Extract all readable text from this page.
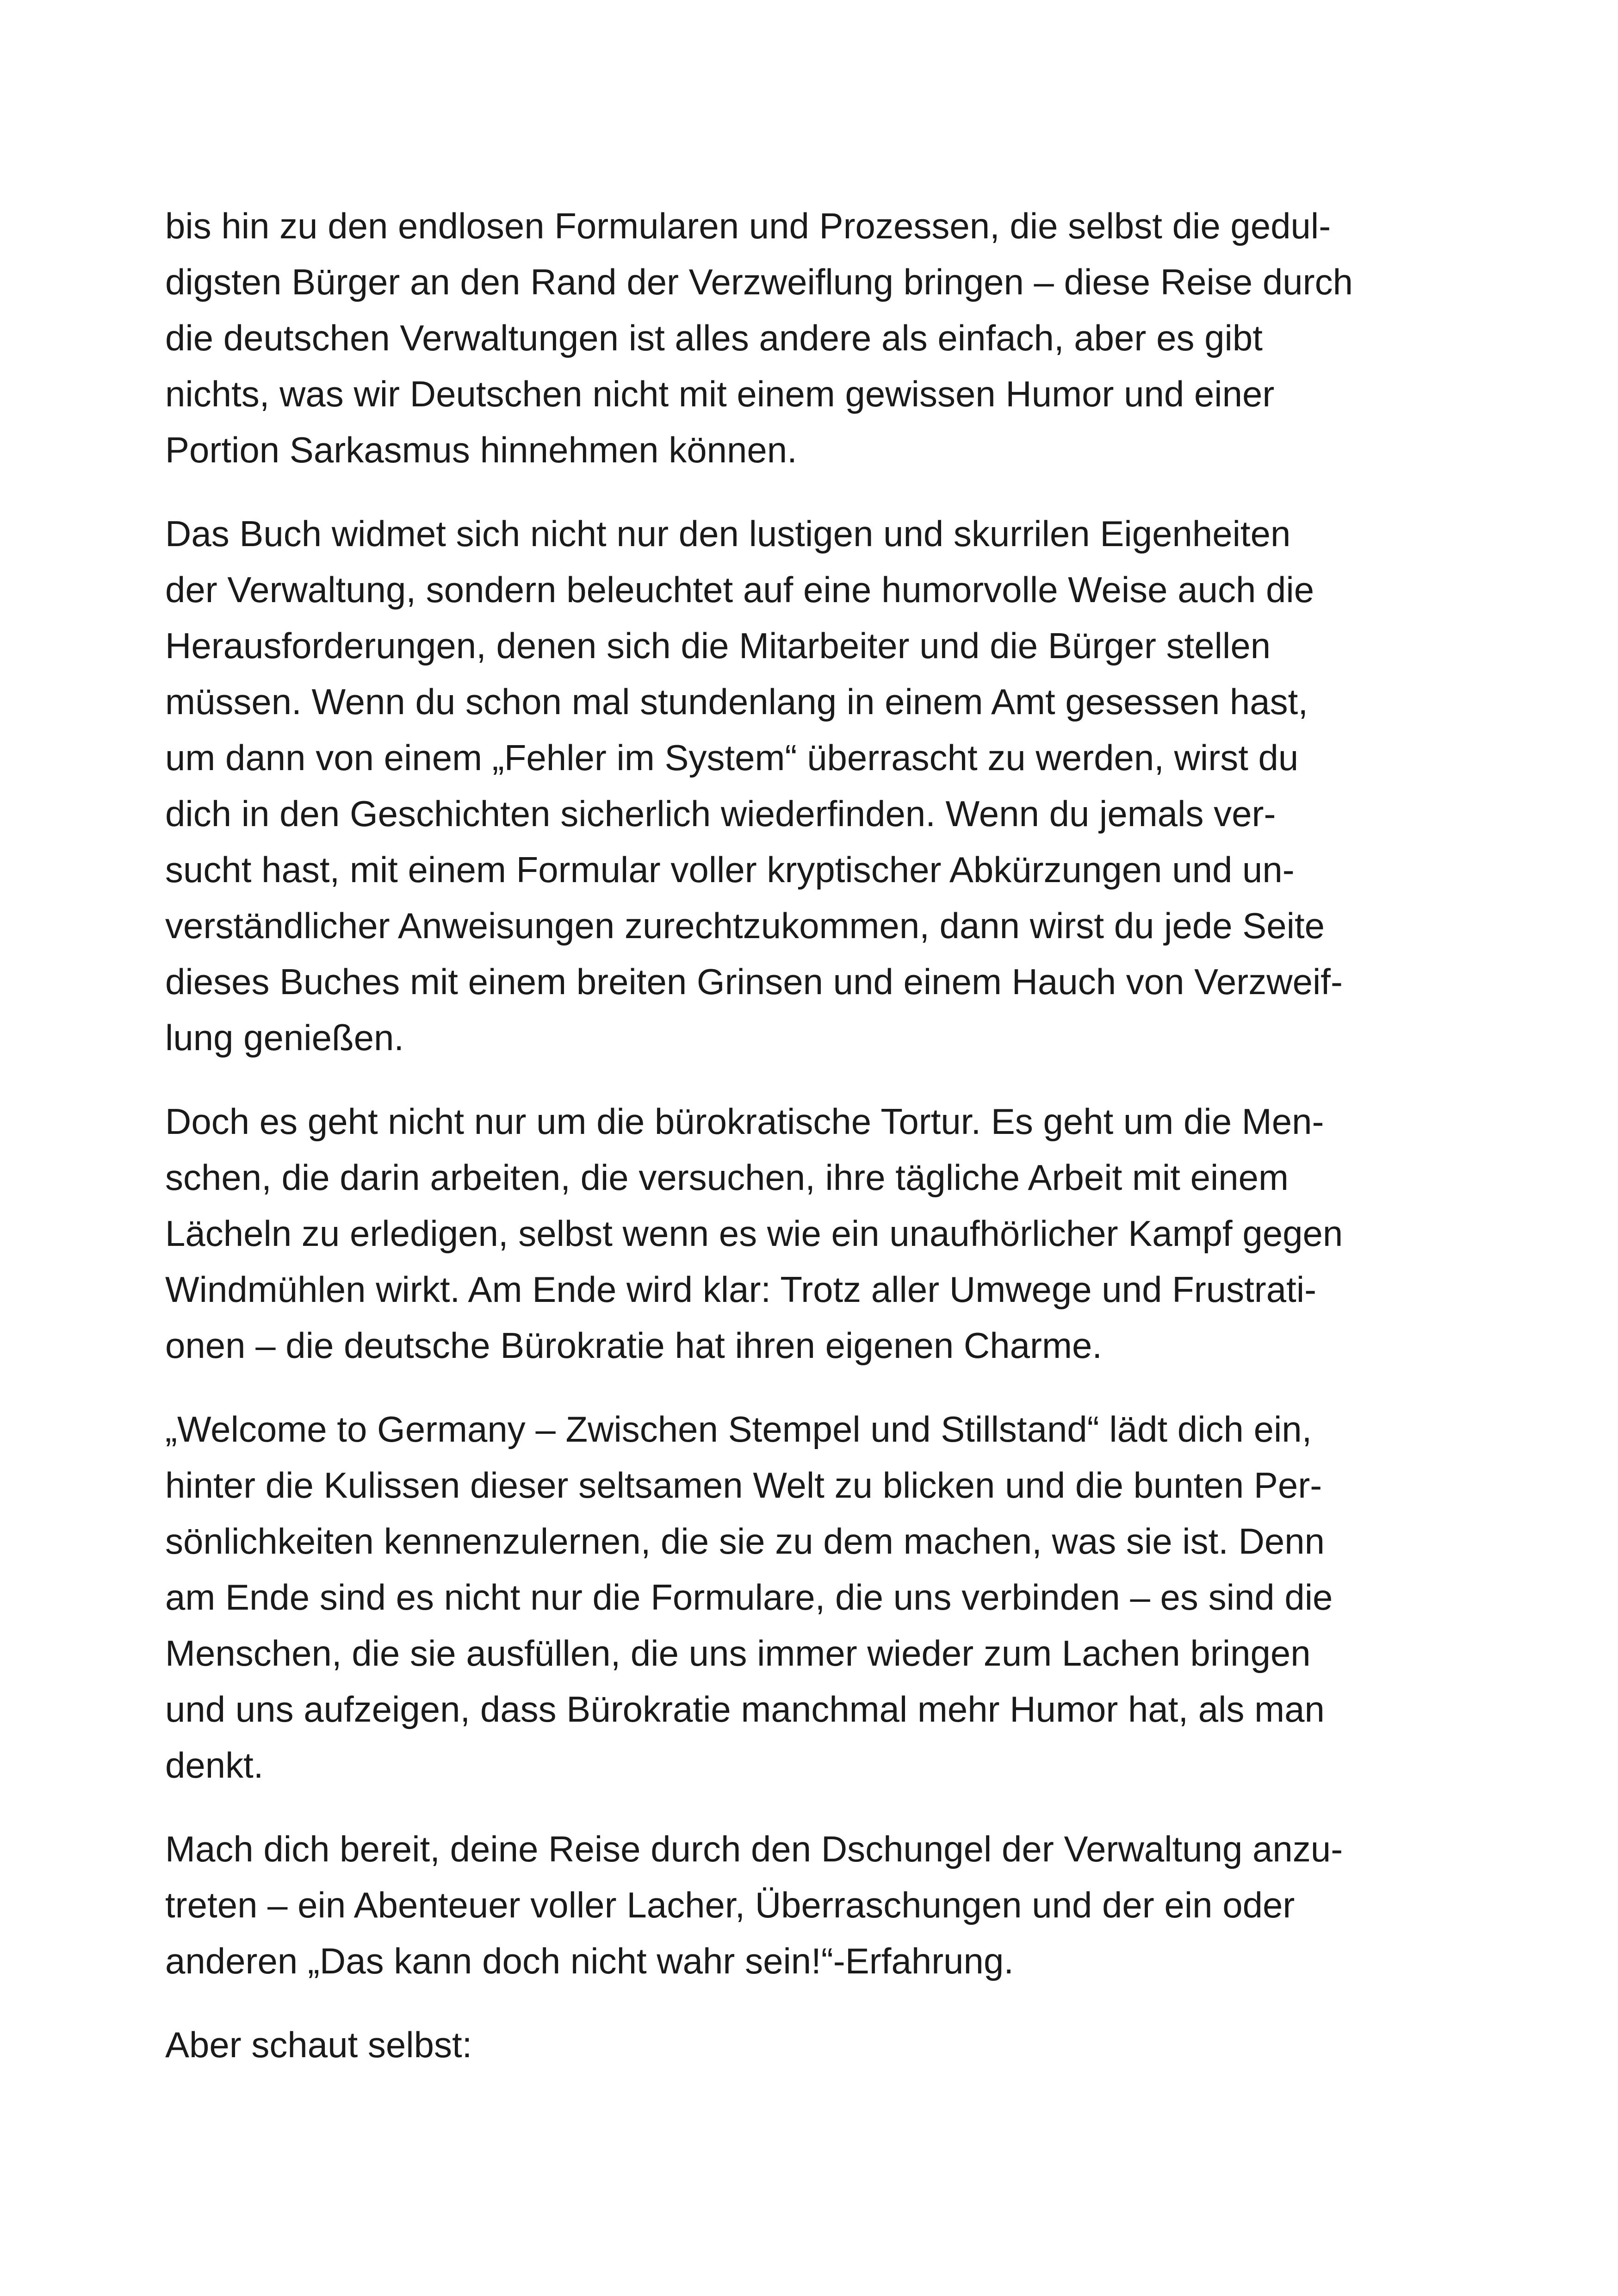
bis hin zu den endlosen Formularen und Prozessen, die selbst die gedul-
digsten Bürger an den Rand der Verzweiflung bringen – diese Reise durch
die deutschen Verwaltungen ist alles andere als einfach, aber es gibt
nichts, was wir Deutschen nicht mit einem gewissen Humor und einer
Portion Sarkasmus hinnehmen können.
Das Buch widmet sich nicht nur den lustigen und skurrilen Eigenheiten
der Verwaltung, sondern beleuchtet auf eine humorvolle Weise auch die
Herausforderungen, denen sich die Mitarbeiter und die Bürger stellen
müssen. Wenn du schon mal stundenlang in einem Amt gesessen hast,
um dann von einem „Fehler im System“ überrascht zu werden, wirst du
dich in den Geschichten sicherlich wiederfinden. Wenn du jemals ver-
sucht hast, mit einem Formular voller kryptischer Abkürzungen und un-
verständlicher Anweisungen zurechtzukommen, dann wirst du jede Seite
dieses Buches mit einem breiten Grinsen und einem Hauch von Verzweif-
lung genießen.
Doch es geht nicht nur um die bürokratische Tortur. Es geht um die Men-
schen, die darin arbeiten, die versuchen, ihre tägliche Arbeit mit einem
Lächeln zu erledigen, selbst wenn es wie ein unaufhörlicher Kampf gegen
Windmühlen wirkt. Am Ende wird klar: Trotz aller Umwege und Frustrati-
onen – die deutsche Bürokratie hat ihren eigenen Charme.
„Welcome to Germany – Zwischen Stempel und Stillstand“ lädt dich ein,
hinter die Kulissen dieser seltsamen Welt zu blicken und die bunten Per-
sönlichkeiten kennenzulernen, die sie zu dem machen, was sie ist. Denn
am Ende sind es nicht nur die Formulare, die uns verbinden – es sind die
Menschen, die sie ausfüllen, die uns immer wieder zum Lachen bringen
und uns aufzeigen, dass Bürokratie manchmal mehr Humor hat, als man
denkt.
Mach dich bereit, deine Reise durch den Dschungel der Verwaltung anzu-
treten – ein Abenteuer voller Lacher, Überraschungen und der ein oder
anderen „Das kann doch nicht wahr sein!“-Erfahrung.
Aber schaut selbst:
